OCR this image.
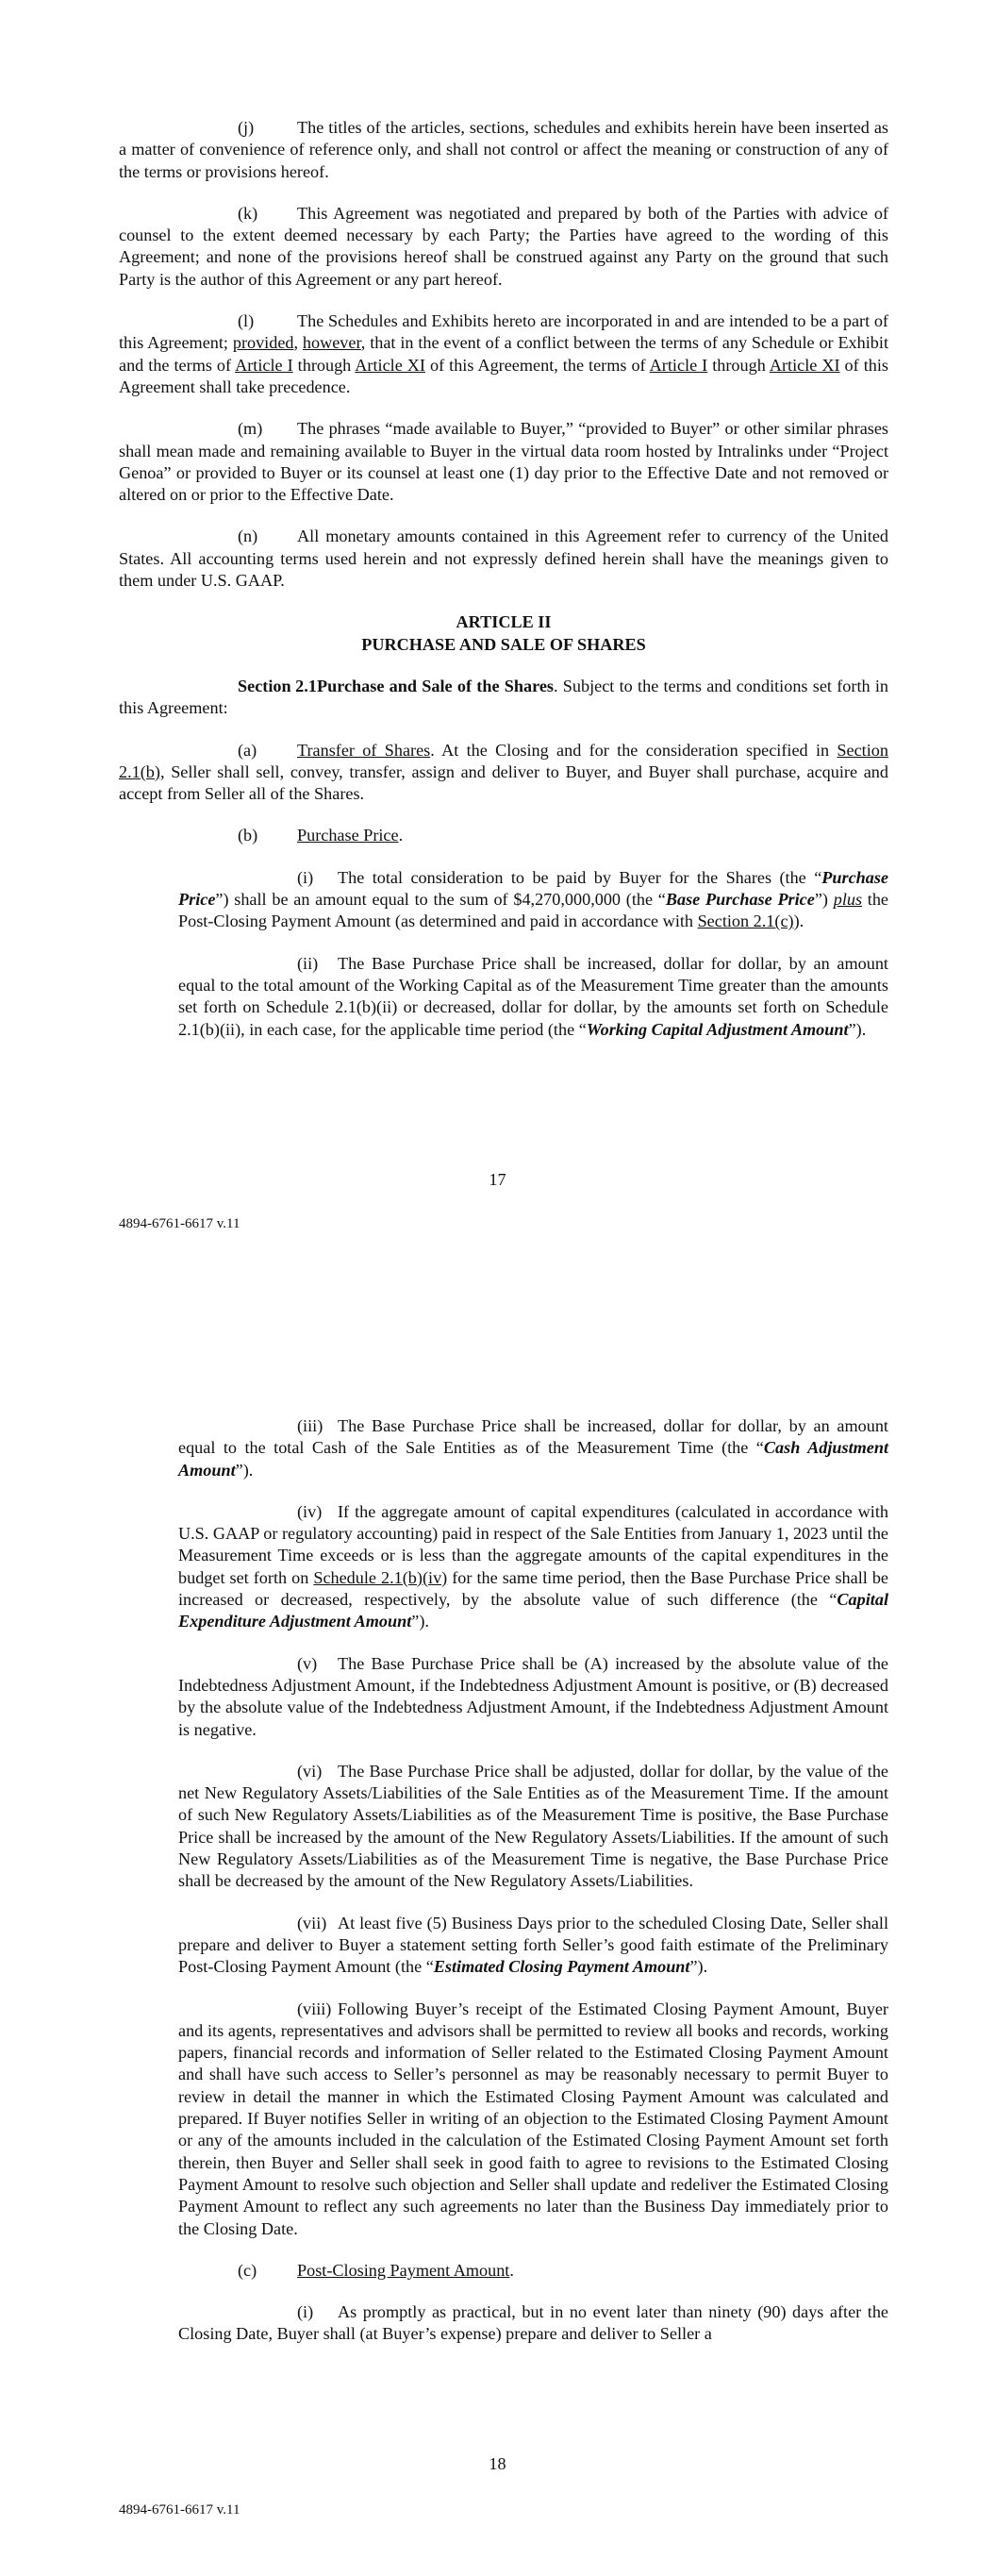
(j)	The titles of the articles, sections, schedules and exhibits herein have been inserted as a matter of convenience of reference only, and shall not control or affect the meaning or construction of any of the terms or provisions hereof.

(k) This Agreement was negotiated and prepared by both of the Parties with advice of counsel to the extent deemed necessary by each Party; the Parties have agreed to the wording of this Agreement; and none of the provisions hereof shall be construed against any Party on the ground that such Party is the author of this Agreement or any part hereof.

(l)	The Schedules and Exhibits hereto are incorporated in and are intended to be a part of this Agreement; provided, however, that in the event of a conflict between the terms of any Schedule or Exhibit and the terms of Article I through Article XI of this Agreement, the terms of Article I through Article XI of this Agreement shall take precedence.

(m) The phrases “made available to Buyer,” “provided to Buyer” or other similar phrases shall mean made and remaining available to Buyer in the virtual data room hosted by Intralinks under “Project Genoa” or provided to Buyer or its counsel at least one (1) day prior to the Effective Date and not removed or altered on or prior to the Effective Date.

(n) All monetary amounts contained in this Agreement refer to currency of the United States. All accounting terms used herein and not expressly defined herein shall have the meanings given to them under U.S. GAAP.

ARTICLE II
PURCHASE AND SALE OF SHARES

Section 2.1Purchase and Sale of the Shares. Subject to the terms and conditions set forth in this Agreement:

(a) Transfer of Shares. At the Closing and for the consideration specified in Section 2.1(b), Seller shall sell, convey, transfer, assign and deliver to Buyer, and Buyer shall purchase, acquire and accept from Seller all of the Shares.

(b) Purchase Price.

(i) The total consideration to be paid by Buyer for the Shares (the “Purchase Price”) shall be an amount equal to the sum of $4,270,000,000 (the “Base Purchase Price”) plus the Post-Closing Payment Amount (as determined and paid in accordance with Section 2.1(c)).

(ii) The Base Purchase Price shall be increased, dollar for dollar, by an amount equal to the total amount of the Working Capital as of the Measurement Time greater than the amounts set forth on Schedule 2.1(b)(ii) or decreased, dollar for dollar, by the amounts set forth on Schedule 2.1(b)(ii), in each case, for the applicable time period (the “Working Capital Adjustment Amount”).

17
4894-6761-6617 v.11

(iii) The Base Purchase Price shall be increased, dollar for dollar, by an amount equal to the total Cash of the Sale Entities as of the Measurement Time (the “Cash Adjustment Amount”).

(iv) If the aggregate amount of capital expenditures (calculated in accordance with U.S. GAAP or regulatory accounting) paid in respect of the Sale Entities from January 1, 2023 until the Measurement Time exceeds or is less than the aggregate amounts of the capital expenditures in the budget set forth on Schedule 2.1(b)(iv) for the same time period, then the Base Purchase Price shall be increased or decreased, respectively, by the absolute value of such difference (the “Capital Expenditure Adjustment Amount”).

(v) The Base Purchase Price shall be (A) increased by the absolute value of the Indebtedness Adjustment Amount, if the Indebtedness Adjustment Amount is positive, or (B) decreased by the absolute value of the Indebtedness Adjustment Amount, if the Indebtedness Adjustment Amount is negative.

(vi) The Base Purchase Price shall be adjusted, dollar for dollar, by the value of the net New Regulatory Assets/Liabilities of the Sale Entities as of the Measurement Time. If the amount of such New Regulatory Assets/Liabilities as of the Measurement Time is positive, the Base Purchase Price shall be increased by the amount of the New Regulatory Assets/Liabilities. If the amount of such New Regulatory Assets/Liabilities as of the Measurement Time is negative, the Base Purchase Price shall be decreased by the amount of the New Regulatory Assets/Liabilities.

(vii) At least five (5) Business Days prior to the scheduled Closing Date, Seller shall prepare and deliver to Buyer a statement setting forth Seller’s good faith estimate of the Preliminary Post-Closing Payment Amount (the “Estimated Closing Payment Amount”).

(viii) Following Buyer’s receipt of the Estimated Closing Payment Amount, Buyer and its agents, representatives and advisors shall be permitted to review all books and records, working papers, financial records and information of Seller related to the Estimated Closing Payment Amount and shall have such access to Seller’s personnel as may be reasonably necessary to permit Buyer to review in detail the manner in which the Estimated Closing Payment Amount was calculated and prepared. If Buyer notifies Seller in writing of an objection to the Estimated Closing Payment Amount or any of the amounts included in the calculation of the Estimated Closing Payment Amount set forth therein, then Buyer and Seller shall seek in good faith to agree to revisions to the Estimated Closing Payment Amount to resolve such objection and Seller shall update and redeliver the Estimated Closing Payment Amount to reflect any such agreements no later than the Business Day immediately prior to the Closing Date.

(c) Post-Closing Payment Amount.

(i) As promptly as practical, but in no event later than ninety (90) days after the Closing Date, Buyer shall (at Buyer’s expense) prepare and deliver to Seller a

18
4894-6761-6617 v.11
